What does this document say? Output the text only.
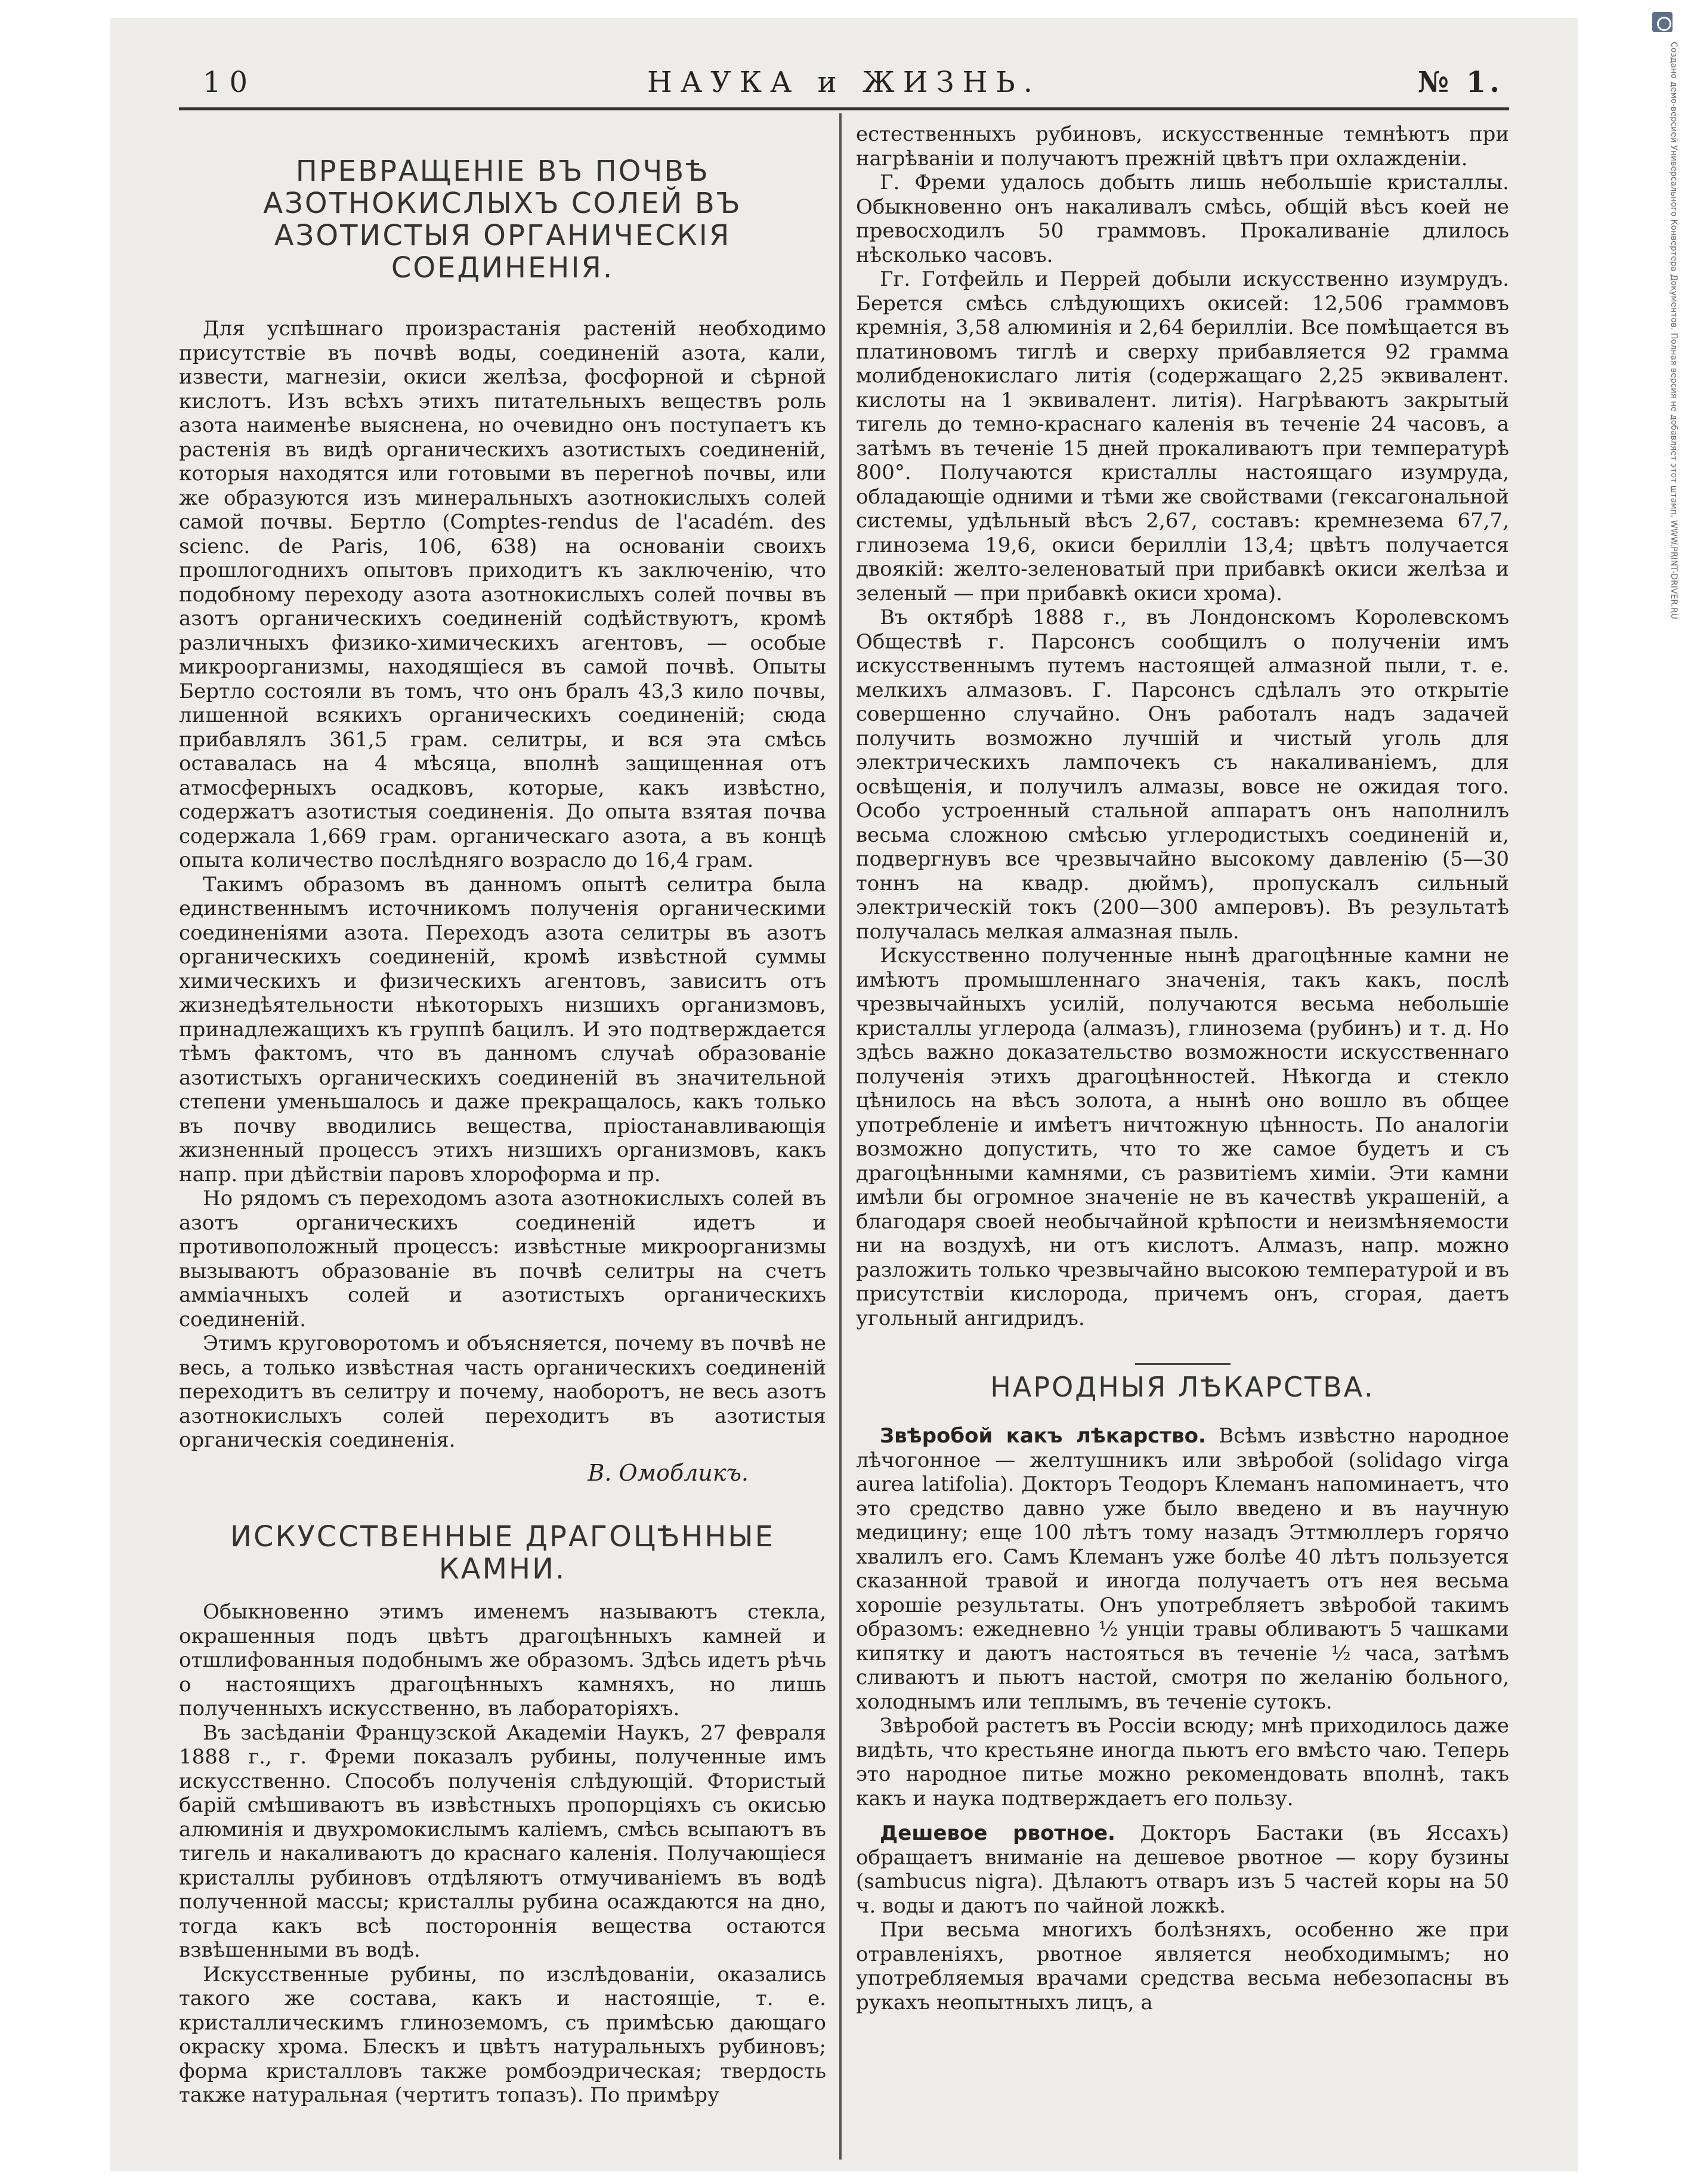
Создано демо-версией Универсального Конвертера Документов. Полная версия не добавляет этот штамп. WWW.PRINT-DRIVER.RU
10	НАУКА и ЖИЗНЬ.	№ 1.
ПРЕВРАЩЕНІЕ ВЪ ПОЧВѢ АЗОТНОКИСЛЫХЪ СОЛЕЙ ВЪ АЗОТИСТЫЯ ОРГАНИЧЕСКІЯ СОЕДИНЕНІЯ.

Для успѣшнаго произрастанія растеній необходимо присутствіе въ почвѣ воды, соединеній азота, кали, извести, магнезіи, окиси желѣза, фосфорной и сѣрной кислотъ. Изъ всѣхъ этихъ питательныхъ веществъ роль азота наименѣе выяснена, но очевидно онъ поступаетъ къ растенія въ видѣ органическихъ азотистыхъ соединеній, которыя находятся или готовыми въ перегноѣ почвы, или же образуются изъ минеральныхъ азотнокислыхъ солей самой почвы. Бертло (Comptes-rendus de l'académ. des scienc. de Paris, 106, 638) на основаніи своихъ прошлогоднихъ опытовъ приходитъ къ заключенію, что подобному переходу азота азотнокислыхъ солей почвы въ азотъ органическихъ соединеній содѣйствуютъ, кромѣ различныхъ физико-химическихъ агентовъ, — особые микроорганизмы, находящіеся въ самой почвѣ. Опыты Бертло состояли въ томъ, что онъ бралъ 43,3 кило почвы, лишенной всякихъ органическихъ соединеній; сюда прибавлялъ 361,5 грам. селитры, и вся эта смѣсь оставалась на 4 мѣсяца, вполнѣ защищенная отъ атмосферныхъ осадковъ, которые, какъ извѣстно, содержатъ азотистыя соединенія. До опыта взятая почва содержала 1,669 грам. органическаго азота, а въ концѣ опыта количество послѣдняго возрасло до 16,4 грам.

Такимъ образомъ въ данномъ опытѣ селитра была единственнымъ источникомъ полученія органическими соединеніями азота. Переходъ азота селитры въ азотъ органическихъ соединеній, кромѣ извѣстной суммы химическихъ и физическихъ агентовъ, зависитъ отъ жизнедѣятельности нѣкоторыхъ низшихъ организмовъ, принадлежащихъ къ группѣ бацилъ. И это подтверждается тѣмъ фактомъ, что въ данномъ случаѣ образованіе азотистыхъ органическихъ соединеній въ значительной степени уменьшалось и даже прекращалось, какъ только въ почву вводились вещества, пріостанавливающія жизненный процессъ этихъ низшихъ организмовъ, какъ напр. при дѣйствіи паровъ хлороформа и пр.

Но рядомъ съ переходомъ азота азотнокислыхъ солей въ азотъ органическихъ соединеній идетъ и противоположный процессъ: извѣстные микроорганизмы вызываютъ образованіе въ почвѣ селитры на счетъ аммiачныхъ солей и азотистыхъ органическихъ соединеній.

Этимъ круговоротомъ и объясняется, почему въ почвѣ не весь, а только извѣстная часть органическихъ соединеній переходитъ въ селитру и почему, наоборотъ, не весь азотъ азотнокислыхъ солей переходитъ въ азотистыя органическія соединенія.

В. Омобликъ.
ИСКУССТВЕННЫЕ ДРАГОЦѢННЫЕ КАМНИ.

Обыкновенно этимъ именемъ называютъ стекла, окрашенныя подъ цвѣтъ драгоцѣнныхъ камней и отшлифованныя подобнымъ же образомъ. Здѣсь идетъ рѣчь о настоящихъ драгоцѣнныхъ камняхъ, но лишь полученныхъ искусственно, въ лабораторіяхъ.

Въ засѣданіи Французской Академіи Наукъ, 27 февраля 1888 г., г. Фреми показалъ рубины, полученные имъ искусственно. Способъ полученія слѣдующій. Фтористый барій смѣшиваютъ въ извѣстныхъ пропорціяхъ съ окисью алюминія и двухромокислымъ каліемъ, смѣсь всыпаютъ въ тигель и накаливаютъ до краснаго каленія. Получающіеся кристаллы рубиновъ отдѣляютъ отмучиваніемъ въ водѣ полученной массы; кристаллы рубина осаждаются на дно, тогда какъ всѣ постороннія вещества остаются взвѣшенными въ водѣ.

Искусственные рубины, по изслѣдованіи, оказались такого же состава, какъ и настоящіе, т. е. кристаллическимъ глиноземомъ, съ примѣсью дающаго окраску хрома. Блескъ и цвѣтъ натуральныхъ рубиновъ; форма кристалловъ также ромбоэдрическая; твердость также натуральная (чертитъ топазъ). По примѣру

естественныхъ рубиновъ, искусственные темнѣютъ при нагрѣваніи и получаютъ прежній цвѣтъ при охлажденіи.

Г. Фреми удалось добыть лишь небольшіе кристаллы. Обыкновенно онъ накаливалъ смѣсь, общій вѣсъ коей не превосходилъ 50 граммовъ. Прокаливаніе длилось нѣсколько часовъ.

Гг. Готфейль и Перрей добыли искусственно изумрудъ. Берется смѣсь слѣдующихъ окисей: 12,506 граммовъ кремнія, 3,58 алюминія и 2,64 берилліи. Все помѣщается въ платиновомъ тиглѣ и сверху прибавляется 92 грамма молибденокислаго литія (содержащаго 2,25 эквивалент. кислоты на 1 эквивалент. литія). Нагрѣваютъ закрытый тигель до темно-краснаго каленія въ теченіе 24 часовъ, а затѣмъ въ теченіе 15 дней прокаливаютъ при температурѣ 800°. Получаются кристаллы настоящаго изумруда, обладающіе одними и тѣми же свойствами (гексагональной системы, удѣльный вѣсъ 2,67, составъ: кремнезема 67,7, глинозема 19,6, окиси берилліи 13,4; цвѣтъ получается двоякій: желто-зеленоватый при прибавкѣ окиси желѣза и зеленый — при прибавкѣ окиси хрома).

Въ октябрѣ 1888 г., въ Лондонскомъ Королевскомъ Обществѣ г. Парсонсъ сообщилъ о полученіи имъ искусственнымъ путемъ настоящей алмазной пыли, т. е. мелкихъ алмазовъ. Г. Парсонсъ сдѣлалъ это открытіе совершенно случайно. Онъ работалъ надъ задачей получить возможно лучшій и чистый уголь для электрическихъ лампочекъ съ накаливаніемъ, для освѣщенія, и получилъ алмазы, вовсе не ожидая того. Особо устроенный стальной аппаратъ онъ наполнилъ весьма сложною смѣсью углеродистыхъ соединеній и, подвергнувъ все чрезвычайно высокому давленію (5—30 тоннъ на квадр. дюймъ), пропускалъ сильный электрическій токъ (200—300 амперовъ). Въ результатѣ получалась мелкая алмазная пыль.

Искусственно полученные нынѣ драгоцѣнные камни не имѣютъ промышленнаго значенія, такъ какъ, послѣ чрезвычайныхъ усилій, получаются весьма небольшіе кристаллы углерода (алмазъ), глинозема (рубинъ) и т. д. Но здѣсь важно доказательство возможности искусственнаго полученія этихъ драгоцѣнностей. Нѣкогда и стекло цѣнилось на вѣсъ золота, а нынѣ оно вошло въ общее употребленіе и имѣетъ ничтожную цѣнность. По аналогіи возможно допустить, что то же самое будетъ и съ драгоцѣнными камнями, съ развитіемъ химіи. Эти камни имѣли бы огромное значеніе не въ качествѣ украшеній, а благодаря своей необычайной крѣпости и неизмѣняемости ни на воздухѣ, ни отъ кислотъ. Алмазъ, напр. можно разложить только чрезвычайно высокою температурой и въ присутствіи кислорода, причемъ онъ, сгорая, даетъ угольный ангидридъ.

НАРОДНЫЯ ЛѢКАРСТВА.

Звѣробой какъ лѣкарство. Всѣмъ извѣстно народное лѣчогонное — желтушникъ или звѣробой (solidago virga aurea latifolia). Докторъ Теодоръ Клеманъ напоминаетъ, что это средство давно уже было введено и въ научную медицину; еще 100 лѣтъ тому назадъ Эттмюллеръ горячо хвалилъ его. Самъ Клеманъ уже болѣе 40 лѣтъ пользуется сказанной травой и иногда получаетъ отъ нея весьма хорошіе результаты. Онъ употребляетъ звѣробой такимъ образомъ: ежедневно ½ унціи травы обливаютъ 5 чашками кипятку и даютъ настояться въ теченіе ½ часа, затѣмъ сливаютъ и пьютъ настой, смотря по желанію больного, холоднымъ или теплымъ, въ теченіе сутокъ.

Звѣробой растетъ въ Россіи всюду; мнѣ приходилось даже видѣть, что крестьяне иногда пьютъ его вмѣсто чаю. Теперь это народное питье можно рекомендовать вполнѣ, такъ какъ и наука подтверждаетъ его пользу.

Дешевое рвотное. Докторъ Бастаки (въ Яссахъ) обращаетъ вниманіе на дешевое рвотное — кору бузины (sambucus nigra). Дѣлаютъ отваръ изъ 5 частей коры на 50 ч. воды и даютъ по чайной ложкѣ.

При весьма многихъ болѣзняхъ, особенно же при отравленіяхъ, рвотное является необходимымъ; но употребляемыя врачами средства весьма небезопасны въ рукахъ неопытныхъ лицъ, а
